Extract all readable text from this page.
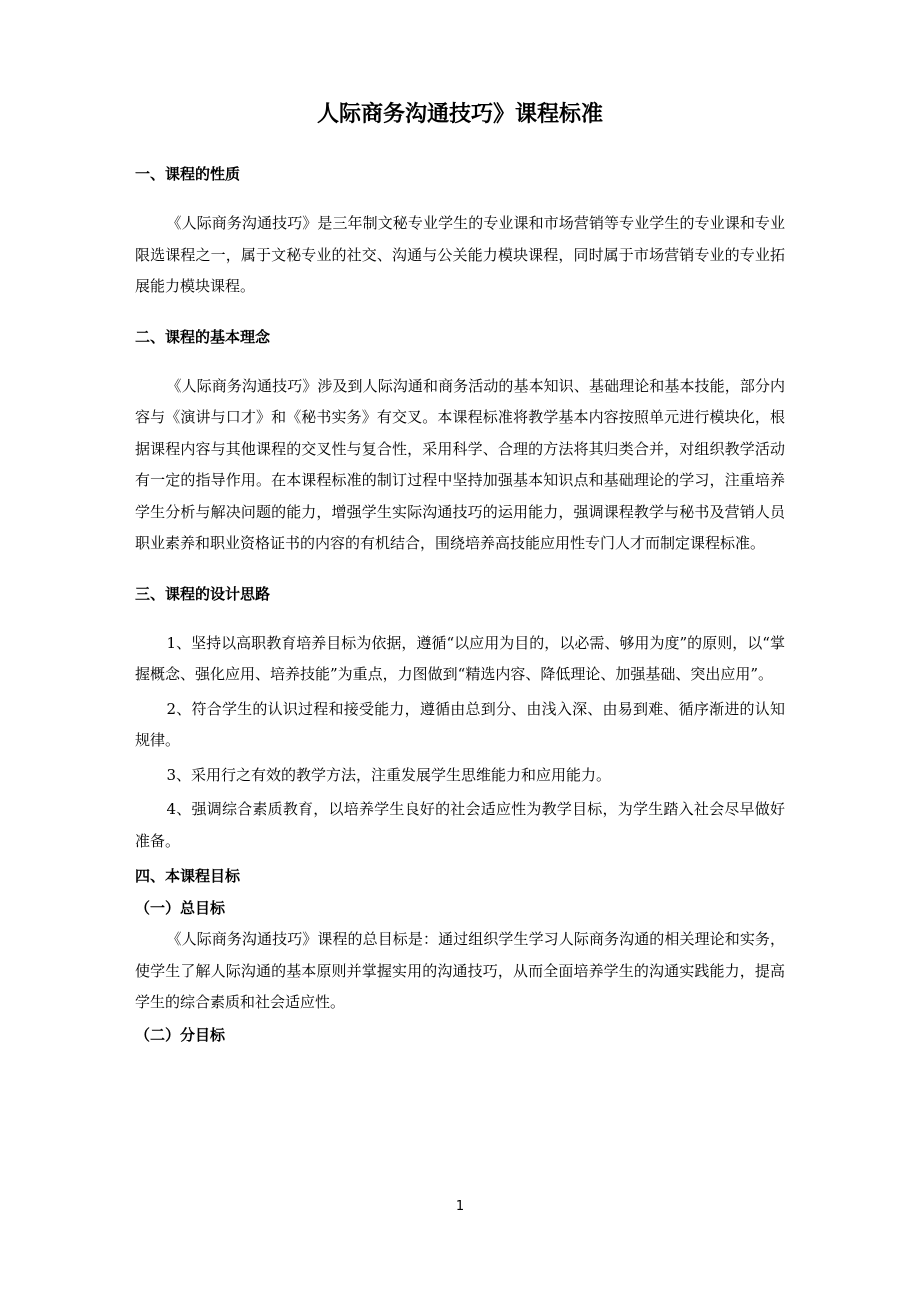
人际商务沟通技巧》课程标准
一、课程的性质

《人际商务沟通技巧》是三年制文秘专业学生的专业课和市场营销等专业学生的专业课和专业限选课程之一，属于文秘专业的社交、沟通与公关能力模块课程，同时属于市场营销专业的专业拓展能力模块课程。

二、课程的基本理念

《人际商务沟通技巧》涉及到人际沟通和商务活动的基本知识、基础理论和基本技能，部分内容与《演讲与口才》和《秘书实务》有交叉。本课程标准将教学基本内容按照单元进行模块化，根据课程内容与其他课程的交叉性与复合性，采用科学、合理的方法将其归类合并，对组织教学活动有一定的指导作用。在本课程标准的制订过程中坚持加强基本知识点和基础理论的学习，注重培养学生分析与解决问题的能力，增强学生实际沟通技巧的运用能力，强调课程教学与秘书及营销人员职业素养和职业资格证书的内容的有机结合，围绕培养高技能应用性专门人才而制定课程标准。

三、课程的设计思路

1、坚持以高职教育培养目标为依据，遵循“以应用为目的，以必需、够用为度”的原则，以“掌握概念、强化应用、培养技能”为重点，力图做到“精选内容、降低理论、加强基础、突出应用”。

2、符合学生的认识过程和接受能力，遵循由总到分、由浅入深、由易到难、循序渐进的认知规律。

3、采用行之有效的教学方法，注重发展学生思维能力和应用能力。

4、强调综合素质教育，以培养学生良好的社会适应性为教学目标，为学生踏入社会尽早做好准备。

四、本课程目标
（一）总目标

《人际商务沟通技巧》课程的总目标是：通过组织学生学习人际商务沟通的相关理论和实务，使学生了解人际沟通的基本原则并掌握实用的沟通技巧，从而全面培养学生的沟通实践能力，提高学生的综合素质和社会适应性。

（二）分目标
1
